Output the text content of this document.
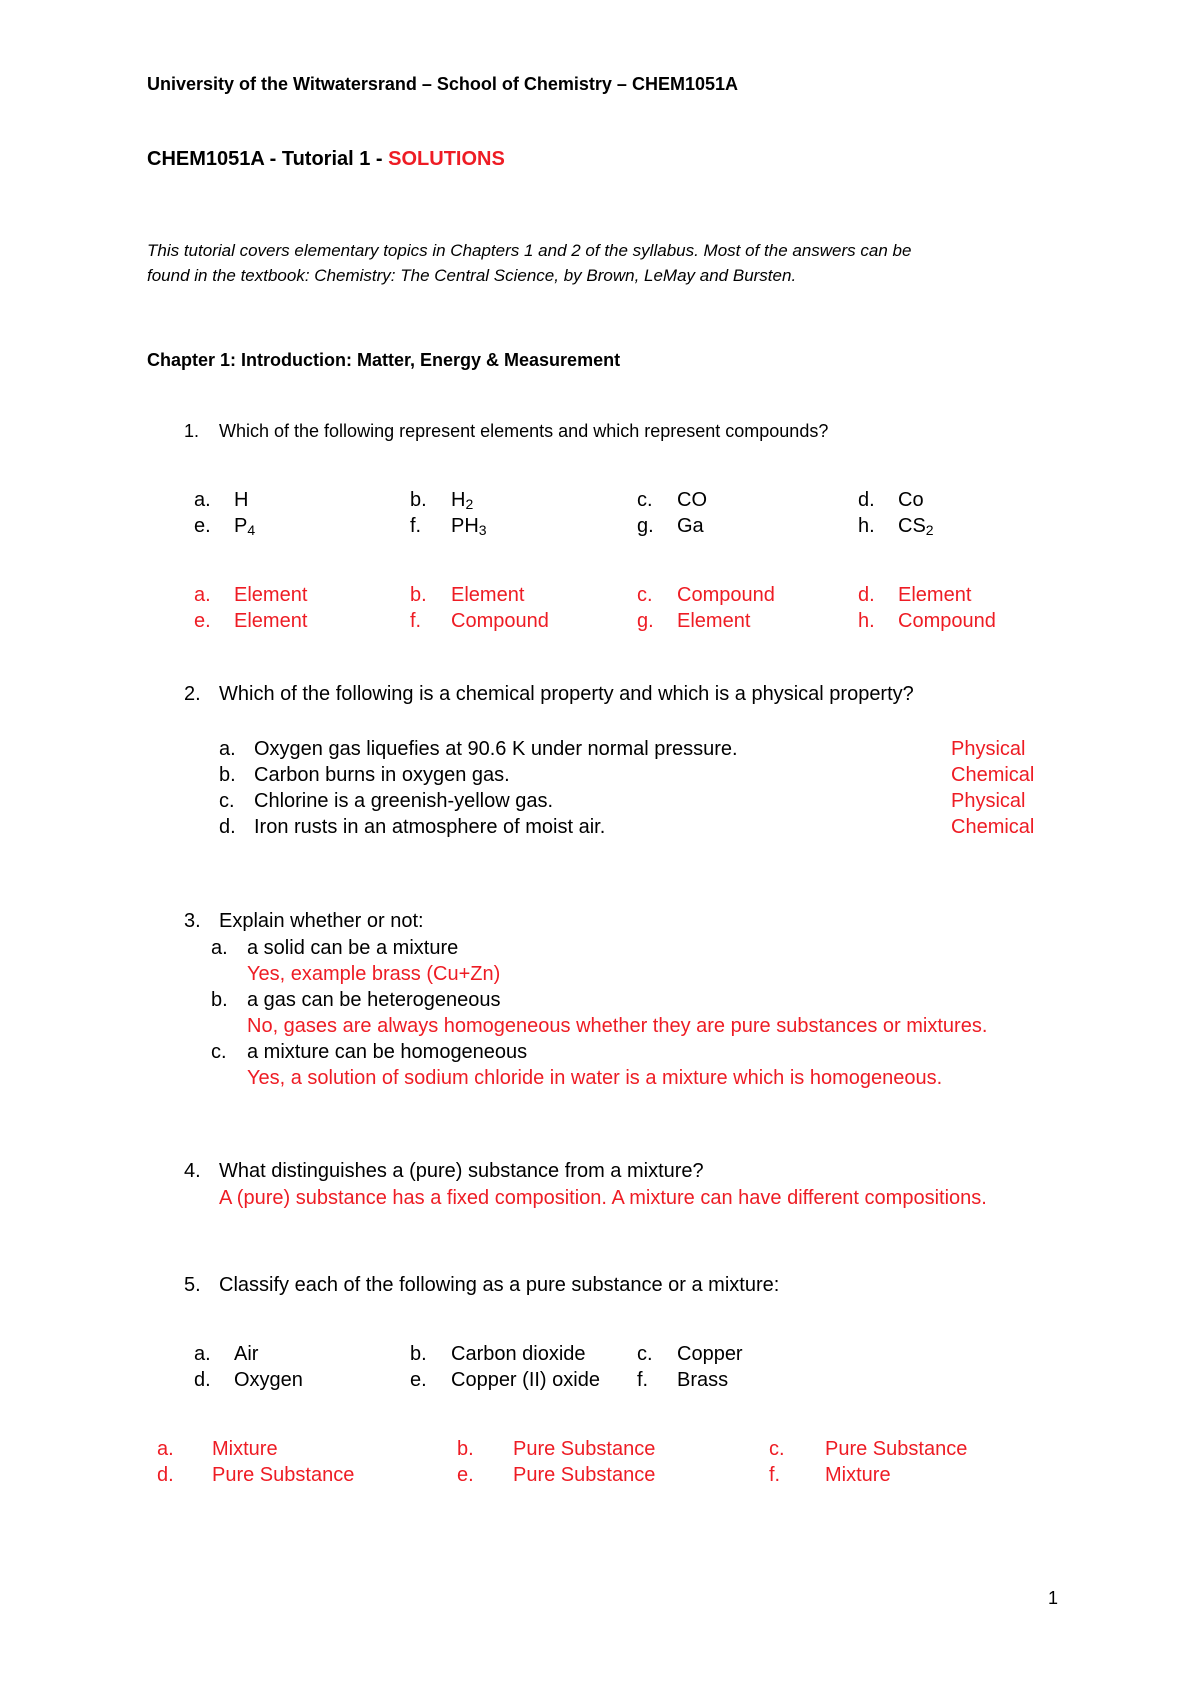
University of the Witwatersrand – School of Chemistry – CHEM1051A
CHEM1051A - Tutorial 1 - SOLUTIONS
This tutorial covers elementary topics in Chapters 1 and 2 of the syllabus. Most of the answers can be
found in the textbook: Chemistry: The Central Science, by Brown, LeMay and Bursten.
Chapter 1: Introduction: Matter, Energy & Measurement
1. Which of the following represent elements and which represent compounds?
a. H	b. $H_2$	c. CO	d. Co
e. $P_4$	f. $PH_3$	g. Ga	h. $CS_2$
a. Element	b. Element	c. Compound	d. Element
e. Element	f. Compound	g. Element	h. Compound
2. Which of the following is a chemical property and which is a physical property?
a. Oxygen gas liquefies at 90.6 K under normal pressure.	Physical
b. Carbon burns in oxygen gas.	Chemical
c. Chlorine is a greenish-yellow gas.	Physical
d. Iron rusts in an atmosphere of moist air.	Chemical
3. Explain whether or not:
a. a solid can be a mixture
Yes, example brass (Cu+Zn)
b. a gas can be heterogeneous
No, gases are always homogeneous whether they are pure substances or mixtures.
c. a mixture can be homogeneous
Yes, a solution of sodium chloride in water is a mixture which is homogeneous.
4. What distinguishes a (pure) substance from a mixture?
A (pure) substance has a fixed composition. A mixture can have different compositions.
5. Classify each of the following as a pure substance or a mixture:
a. Air	b. Carbon dioxide	c. Copper
d. Oxygen	e. Copper (II) oxide f. Brass
a. Mixture	b. Pure Substance	c. Pure Substance
d. Pure Substance	e. Pure Substance	f. Mixture
1
